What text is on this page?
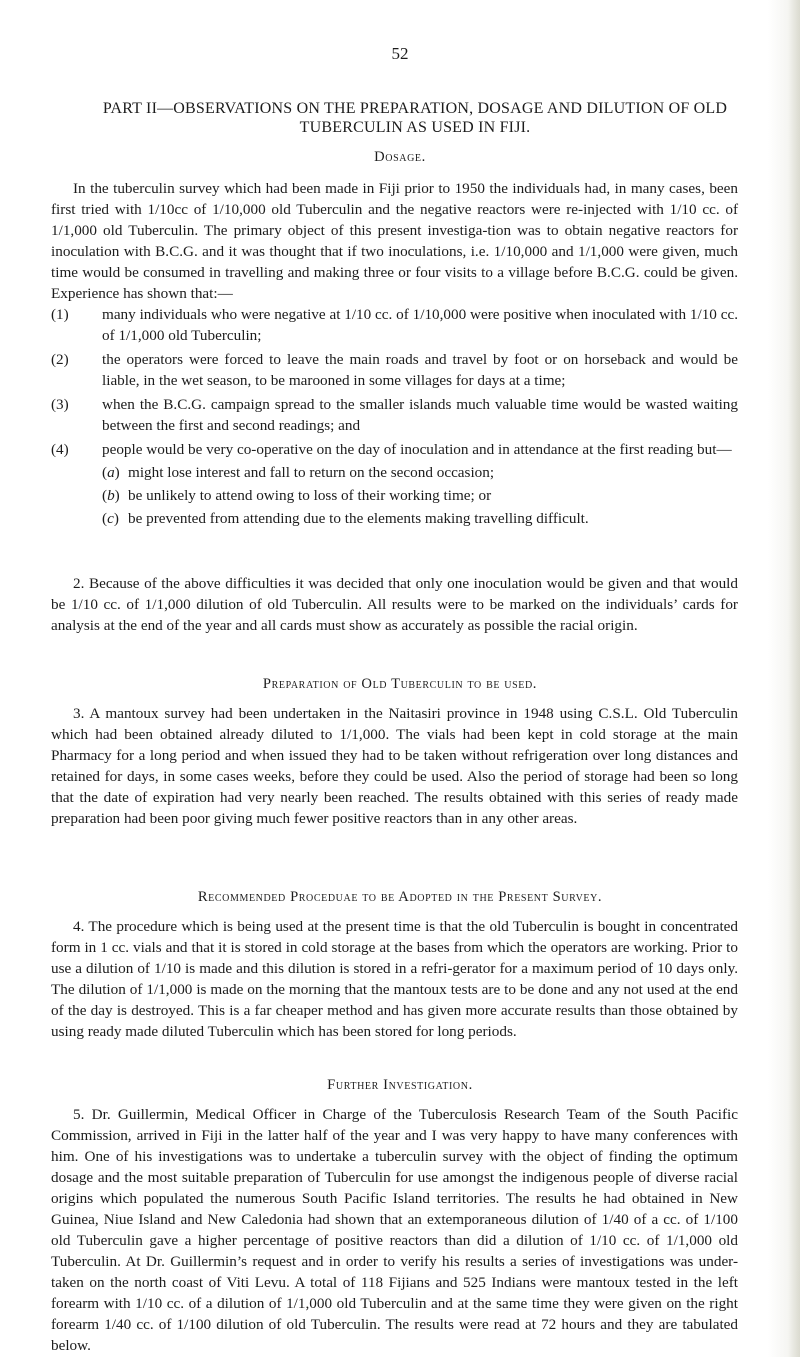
52
PART II—OBSERVATIONS ON THE PREPARATION, DOSAGE AND DILUTION OF OLD TUBERCULIN AS USED IN FIJI.
Dosage.

In the tuberculin survey which had been made in Fiji prior to 1950 the individuals had, in many cases, been first tried with 1/10cc of 1/10,000 old Tuberculin and the negative reactors were re-injected with 1/10 cc. of 1/1,000 old Tuberculin. The primary object of this present investiga-tion was to obtain negative reactors for inoculation with B.C.G. and it was thought that if two inoculations, i.e. 1/10,000 and 1/1,000 were given, much time would be consumed in travelling and making three or four visits to a village before B.C.G. could be given. Experience has shown that:—

(1) many individuals who were negative at 1/10 cc. of 1/10,000 were positive when inoculated with 1/10 cc. of 1/1,000 old Tuberculin;
(2) the operators were forced to leave the main roads and travel by foot or on horseback and would be liable, in the wet season, to be marooned in some villages for days at a time;
(3) when the B.C.G. campaign spread to the smaller islands much valuable time would be wasted waiting between the first and second readings; and
(4) people would be very co-operative on the day of inoculation and in attendance at the first reading but—
(a) might lose interest and fall to return on the second occasion;
(b) be unlikely to attend owing to loss of their working time; or
(c) be prevented from attending due to the elements making travelling difficult.

2. Because of the above difficulties it was decided that only one inoculation would be given and that would be 1/10 cc. of 1/1,000 dilution of old Tuberculin. All results were to be marked on the individuals’ cards for analysis at the end of the year and all cards must show as accurately as possible the racial origin.

Preparation of Old Tuberculin to be used.

3. A mantoux survey had been undertaken in the Naitasiri province in 1948 using C.S.L. Old Tuberculin which had been obtained already diluted to 1/1,000. The vials had been kept in cold storage at the main Pharmacy for a long period and when issued they had to be taken without refrigeration over long distances and retained for days, in some cases weeks, before they could be used. Also the period of storage had been so long that the date of expiration had very nearly been reached. The results obtained with this series of ready made preparation had been poor giving much fewer positive reactors than in any other areas.

Recommended Proceduae to be Adopted in the Present Survey.

4. The procedure which is being used at the present time is that the old Tuberculin is bought in concentrated form in 1 cc. vials and that it is stored in cold storage at the bases from which the operators are working. Prior to use a dilution of 1/10 is made and this dilution is stored in a refri-gerator for a maximum period of 10 days only. The dilution of 1/1,000 is made on the morning that the mantoux tests are to be done and any not used at the end of the day is destroyed. This is a far cheaper method and has given more accurate results than those obtained by using ready made diluted Tuberculin which has been stored for long periods.

Further Investigation.

5. Dr. Guillermin, Medical Officer in Charge of the Tuberculosis Research Team of the South Pacific Commission, arrived in Fiji in the latter half of the year and I was very happy to have many conferences with him. One of his investigations was to undertake a tuberculin survey with the object of finding the optimum dosage and the most suitable preparation of Tuberculin for use amongst the indigenous people of diverse racial origins which populated the numerous South Pacific Island territories. The results he had obtained in New Guinea, Niue Island and New Caledonia had shown that an extemporaneous dilution of 1/40 of a cc. of 1/100 old Tuberculin gave a higher percentage of positive reactors than did a dilution of 1/10 cc. of 1/1,000 old Tuberculin. At Dr. Guillermin’s request and in order to verify his results a series of investigations was under-taken on the north coast of Viti Levu. A total of 118 Fijians and 525 Indians were mantoux tested in the left forearm with 1/10 cc. of a dilution of 1/1,000 old Tuberculin and at the same time they were given on the right forearm 1/40 cc. of 1/100 dilution of old Tuberculin. The results were read at 72 hours and they are tabulated below.
